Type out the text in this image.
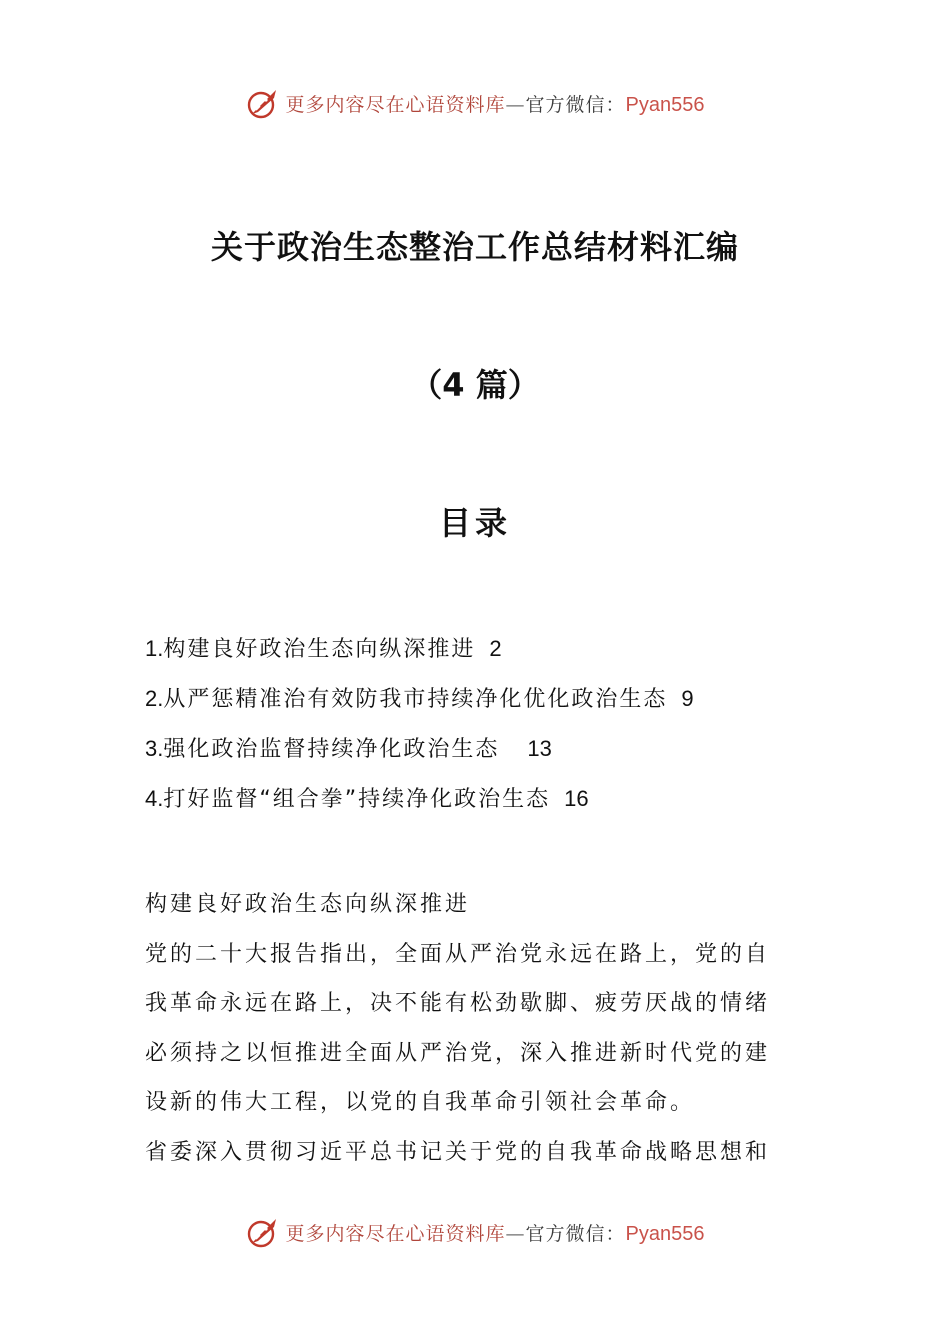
更多内容尽在心语资料库—官方微信：Pyan556
关于政治生态整治工作总结材料汇编
（4 篇）
目录
1.构建良好政治生态向纵深推进 2
2.从严惩精准治有效防我市持续净化优化政治生态 9
3.强化政治监督持续净化政治生态 13
4.打好监督“组合拳”持续净化政治生态 16

构建良好政治生态向纵深推进

党的二十大报告指出，全面从严治党永远在路上，党的自

我革命永远在路上，决不能有松劲歇脚、疲劳厌战的情绪

必须持之以恒推进全面从严治党，深入推进新时代党的建

设新的伟大工程，以党的自我革命引领社会革命。

省委深入贯彻习近平总书记关于党的自我革命战略思想和

更多内容尽在心语资料库—官方微信：Pyan556
